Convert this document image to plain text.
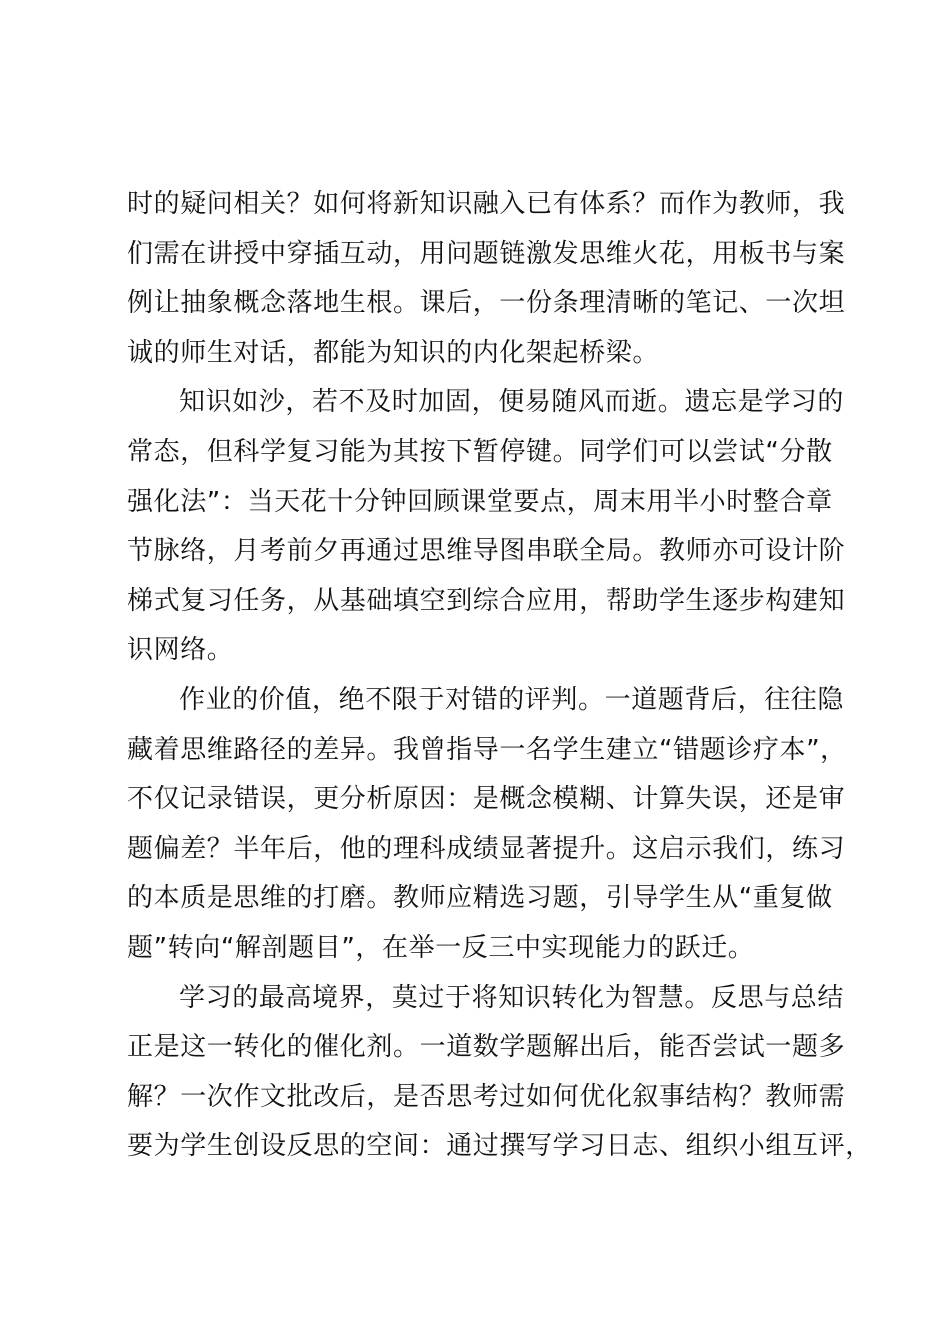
时的疑问相关？如何将新知识融入已有体系？而作为教师，我
们需在讲授中穿插互动，用问题链激发思维火花，用板书与案
例让抽象概念落地生根。课后，一份条理清晰的笔记、一次坦
诚的师生对话，都能为知识的内化架起桥梁。
知识如沙，若不及时加固，便易随风而逝。遗忘是学习的
常态，但科学复习能为其按下暂停键。同学们可以尝试“分散
强化法”：当天花十分钟回顾课堂要点，周末用半小时整合章
节脉络，月考前夕再通过思维导图串联全局。教师亦可设计阶
梯式复习任务，从基础填空到综合应用，帮助学生逐步构建知
识网络。
作业的价值，绝不限于对错的评判。一道题背后，往往隐
藏着思维路径的差异。我曾指导一名学生建立“错题诊疗本”，
不仅记录错误，更分析原因：是概念模糊、计算失误，还是审
题偏差？半年后，他的理科成绩显著提升。这启示我们，练习
的本质是思维的打磨。教师应精选习题，引导学生从“重复做
题”转向“解剖题目”，在举一反三中实现能力的跃迁。
学习的最高境界，莫过于将知识转化为智慧。反思与总结
正是这一转化的催化剂。一道数学题解出后，能否尝试一题多
解？一次作文批改后，是否思考过如何优化叙事结构？教师需
要为学生创设反思的空间：通过撰写学习日志、组织小组互评，
